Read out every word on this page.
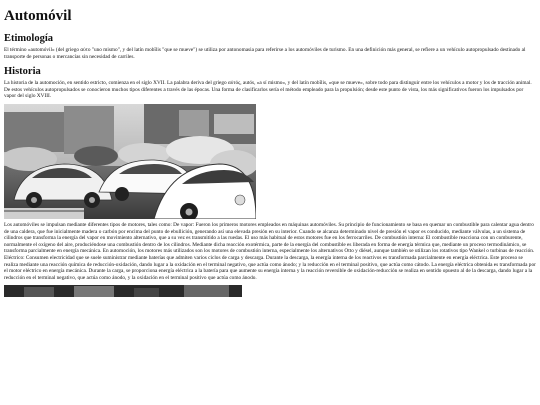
Automóvil
Etimología

El término «automóvil» (del griego αὐτο "uno mismo", y del latín mobĭlis "que se mueve") se utiliza por antonomasia para referirse a los automóviles de turismo. En una definición más general, se refiere a un vehículo autopropulsado destinado al transporte de personas o mercancías sin necesidad de carriles.

Historia

La historia de la automoción, en sentido estricto, comienza en el siglo XVII. La palabra deriva del griego αὐτός, autós, «a sí mismo», y del latín mobĭlis, «que se mueve», sobre todo para distinguir entre los vehículos a motor y los de tracción animal. De estos vehículos autopropulsados se conocieron muchos tipos diferentes a través de las épocas. Una forma de clasificarlos sería el método empleado para la propulsión; desde este punto de vista, los más significativos fueron los impulsados por vapor del siglo XVIII.

Los automóviles se impulsan mediante diferentes tipos de motores, tales como: De vapor: Fueron los primeros motores empleados en máquinas automóviles. Su principio de funcionamiento se basa en quemar un combustible para calentar agua dentro de una caldera, que fue inicialmente madera o carbón por encima del punto de ebullición, generando así una elevada presión en su interior. Cuando se alcanza determinado nivel de presión el vapor es conducido, mediante válvulas, a un sistema de cilindros que transforma la energía del vapor en movimiento alternativo, que a su vez es transmitido a las ruedas. El uso más habitual de estos motores fue en los ferrocarriles. De combustión interna: El combustible reacciona con un comburente, normalmente el oxígeno del aire, produciéndose una combustión dentro de los cilindros. Mediante dicha reacción exotérmica, parte de la energía del combustible es liberada en forma de energía térmica que, mediante un proceso termodinámico, se transforma parcialmente en energía mecánica. En automoción, los motores más utilizados son los motores de combustión interna, especialmente los alternativos Otto y diésel, aunque también se utilizan los rotativos tipo Wankel o turbinas de reacción. Eléctrico: Consumen electricidad que se suele suministrar mediante baterías que admiten varios ciclos de carga y descarga. Durante la descarga, la energía interna de los reactivos es transformada parcialmente en energía eléctrica. Este proceso se realiza mediante una reacción química de reducción-oxidación, dando lugar a la oxidación en el terminal negativo, que actúa como ánodo; y la reducción en el terminal positivo, que actúa como cátodo. La energía eléctrica obtenida es transformada por el motor eléctrico en energía mecánica. Durante la carga, se proporciona energía eléctrica a la batería para que aumente su energía interna y la reacción reversible de oxidación-reducción se realiza en sentido opuesto al de la descarga, dando lugar a la reducción en el terminal negativo, que actúa como ánodo, y la oxidación en el terminal positivo que actúa como ánodo.
